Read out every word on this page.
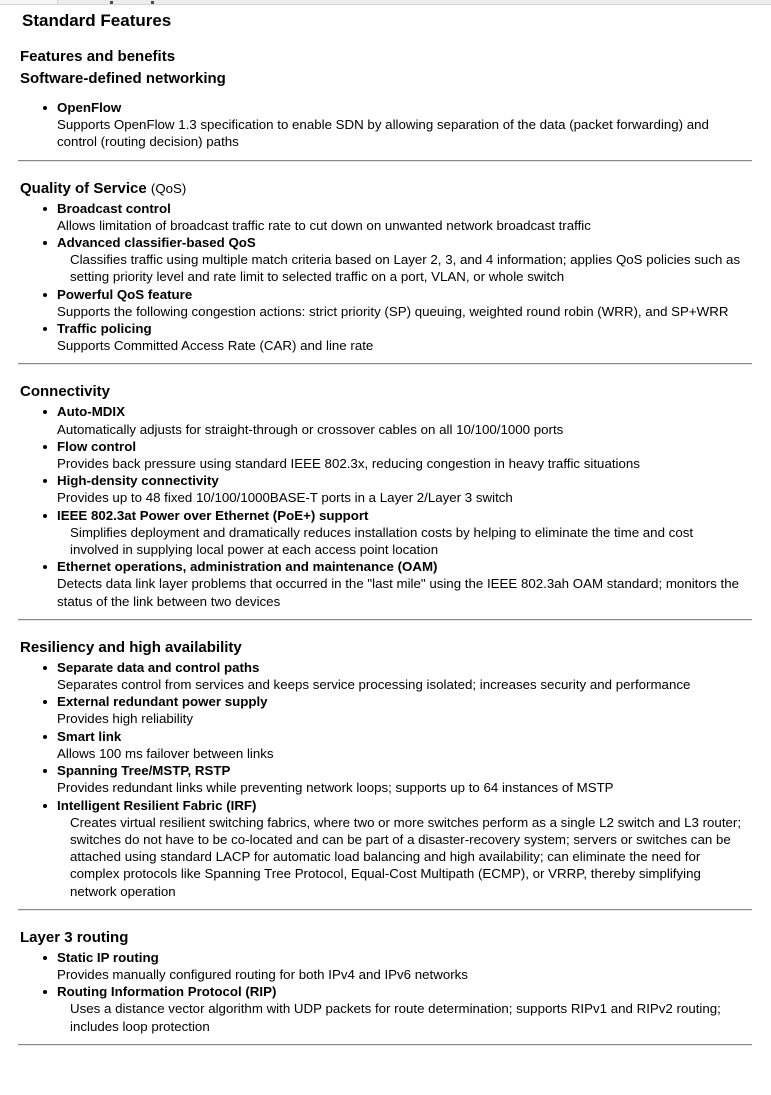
Standard Features
Features and benefits
Software-defined networking
OpenFlow
Supports OpenFlow 1.3 specification to enable SDN by allowing separation of the data (packet forwarding) and control (routing decision) paths
Quality of Service (QoS)
Broadcast control
Allows limitation of broadcast traffic rate to cut down on unwanted network broadcast traffic
Advanced classifier-based QoS
Classifies traffic using multiple match criteria based on Layer 2, 3, and 4 information; applies QoS policies such as setting priority level and rate limit to selected traffic on a port, VLAN, or whole switch
Powerful QoS feature
Supports the following congestion actions: strict priority (SP) queuing, weighted round robin (WRR), and SP+WRR
Traffic policing
Supports Committed Access Rate (CAR) and line rate
Connectivity
Auto-MDIX
Automatically adjusts for straight-through or crossover cables on all 10/100/1000 ports
Flow control
Provides back pressure using standard IEEE 802.3x, reducing congestion in heavy traffic situations
High-density connectivity
Provides up to 48 fixed 10/100/1000BASE-T ports in a Layer 2/Layer 3 switch
IEEE 802.3at Power over Ethernet (PoE+) support
Simplifies deployment and dramatically reduces installation costs by helping to eliminate the time and cost involved in supplying local power at each access point location
Ethernet operations, administration and maintenance (OAM)
Detects data link layer problems that occurred in the "last mile" using the IEEE 802.3ah OAM standard; monitors the status of the link between two devices
Resiliency and high availability
Separate data and control paths
Separates control from services and keeps service processing isolated; increases security and performance
External redundant power supply
Provides high reliability
Smart link
Allows 100 ms failover between links
Spanning Tree/MSTP, RSTP
Provides redundant links while preventing network loops; supports up to 64 instances of MSTP
Intelligent Resilient Fabric (IRF)
Creates virtual resilient switching fabrics, where two or more switches perform as a single L2 switch and L3 router; switches do not have to be co-located and can be part of a disaster-recovery system; servers or switches can be attached using standard LACP for automatic load balancing and high availability; can eliminate the need for complex protocols like Spanning Tree Protocol, Equal-Cost Multipath (ECMP), or VRRP, thereby simplifying network operation
Layer 3 routing
Static IP routing
Provides manually configured routing for both IPv4 and IPv6 networks
Routing Information Protocol (RIP)
Uses a distance vector algorithm with UDP packets for route determination; supports RIPv1 and RIPv2 routing; includes loop protection
